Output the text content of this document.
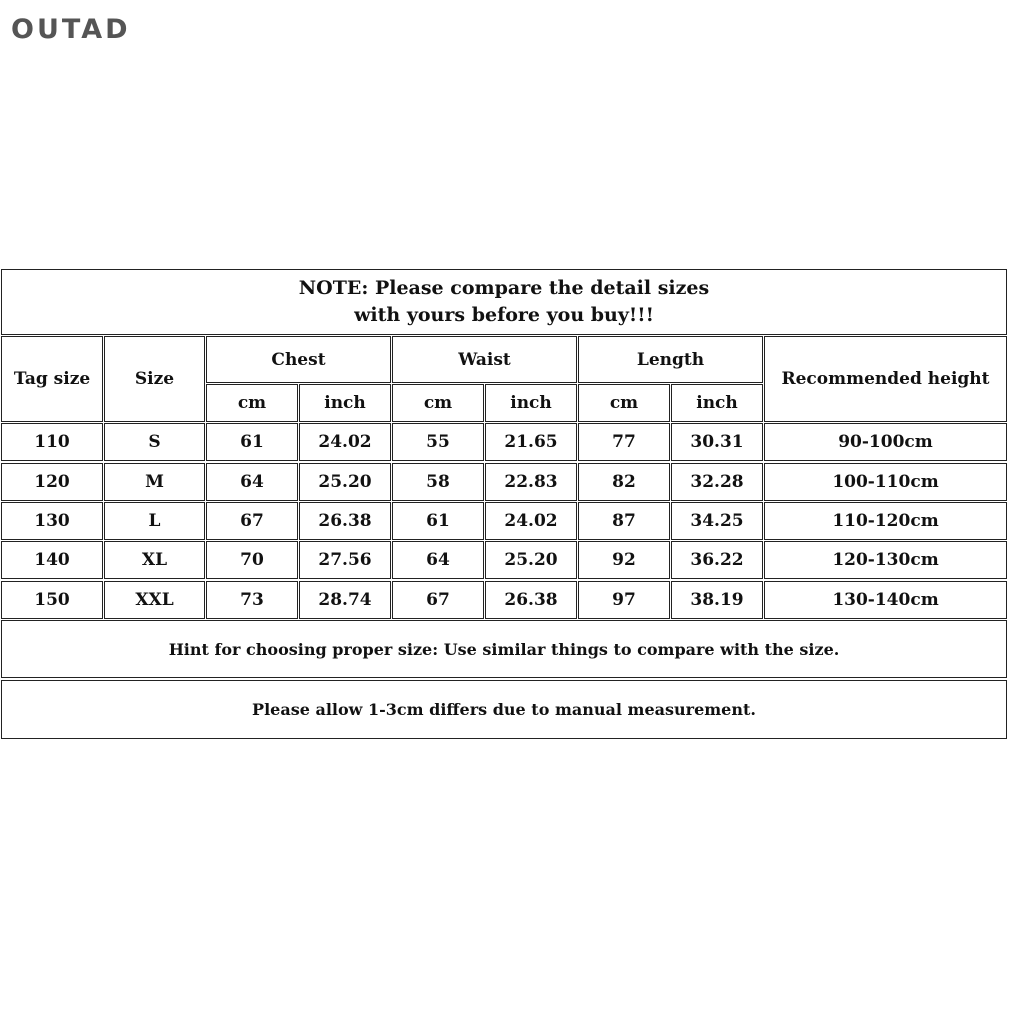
OUTAD
NOTE: Please compare the detail sizes
with yours before you buy!!!
Tag size	Size
Chest	Waist	Length
Recommended height
cm	inch	cm	inch	cm	inch
110	S	61	24.02	55	21.65	77	30.31	90-100cm
120	M	64	25.20	58	22.83	82	32.28	100-110cm
130	L	67	26.38	61	24.02	87	34.25	110-120cm
140	XL	70	27.56	64	25.20	92	36.22	120-130cm
150	XXL	73	28.74	67	26.38	97	38.19	130-140cm
Hint for choosing proper size: Use similar things to compare with the size.
Please allow 1-3cm differs due to manual measurement.
